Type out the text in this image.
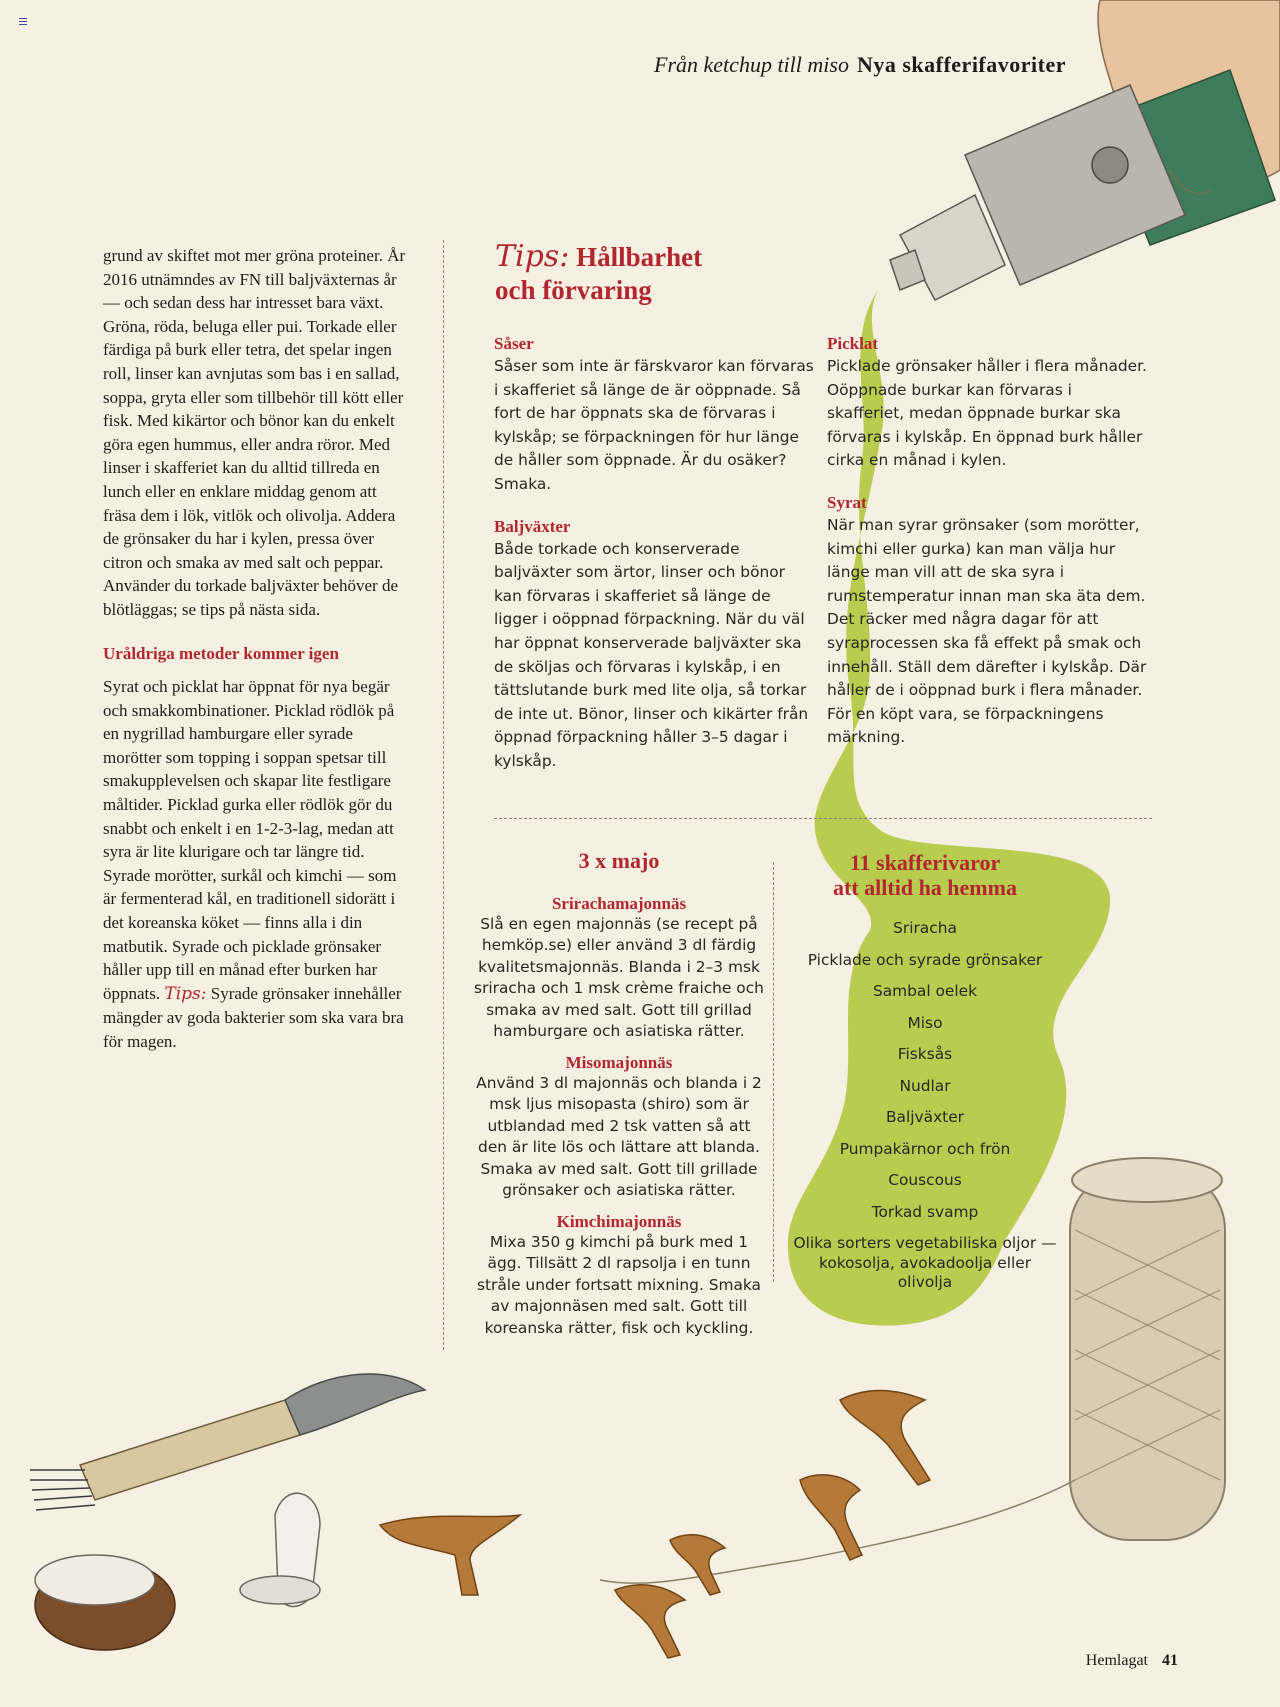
Från ketchup till miso Nya skafferifavoriter

grund av skiftet mot mer gröna proteiner. År 2016 utnämndes av FN till baljväxternas år — och sedan dess har intresset bara växt. Gröna, röda, beluga eller pui. Torkade eller färdiga på burk eller tetra, det spelar ingen roll, linser kan avnjutas som bas i en sallad, soppa, gryta eller som tillbehör till kött eller fisk. Med kikärtor och bönor kan du enkelt göra egen hummus, eller andra röror. Med linser i skafferiet kan du alltid tillreda en lunch eller en enklare middag genom att fräsa dem i lök, vitlök och olivolja. Addera de grönsaker du har i kylen, pressa över citron och smaka av med salt och peppar. Använder du torkade baljväxter behöver de blötläggas; se tips på nästa sida.

Uråldriga metoder kommer igen

Syrat och picklat har öppnat för nya begär och smakkombinationer. Picklad rödlök på en nygrillad hamburgare eller syrade morötter som topping i soppan spetsar till smakupplevelsen och skapar lite festligare måltider. Picklad gurka eller rödlök gör du snabbt och enkelt i en 1-2-3-lag, medan att syra är lite klurigare och tar längre tid. Syrade morötter, surkål och kimchi — som är fermenterad kål, en traditionell sidorätt i det koreanska köket — finns alla i din matbutik. Syrade och picklade grönsaker håller upp till en månad efter burken har öppnats. Tips: Syrade grönsaker innehåller mängder av goda bakterier som ska vara bra för magen.

Tips: Hållbarhet
och förvaring
Såser

Såser som inte är färskvaror kan förvaras i skafferiet så länge de är oöppnade. Så fort de har öppnats ska de förvaras i kylskåp; se förpackningen för hur länge de håller som öppnade. Är du osäker? Smaka.

Baljväxter

Både torkade och konserverade baljväxter som ärtor, linser och bönor kan förvaras i skafferiet så länge de ligger i oöppnad förpackning. När du väl har öppnat konserverade baljväxter ska de sköljas och förvaras i kylskåp, i en tättslutande burk med lite olja, så torkar de inte ut. Bönor, linser och kikärter från öppnad förpackning håller 3–5 dagar i kylskåp.

Picklat

Picklade grönsaker håller i flera månader. Oöppnade burkar kan förvaras i skafferiet, medan öppnade burkar ska förvaras i kylskåp. En öppnad burk håller cirka en månad i kylen.

Syrat

När man syrar grönsaker (som morötter, kimchi eller gurka) kan man välja hur länge man vill att de ska syra i rumstemperatur innan man ska äta dem. Det räcker med några dagar för att syraprocessen ska få effekt på smak och innehåll. Ställ dem därefter i kylskåp. Där håller de i oöppnad burk i flera månader. För en köpt vara, se förpackningens märkning.

3 x majo
Srirachamajonnäs

Slå en egen majonnäs (se recept på hemköp.se) eller använd 3 dl färdig kvalitetsmajonnäs. Blanda i 2–3 msk sriracha och 1 msk crème fraiche och smaka av med salt. Gott till grillad hamburgare och asiatiska rätter.

Misomajonnäs

Använd 3 dl majonnäs och blanda i 2 msk ljus misopasta (shiro) som är utblandad med 2 tsk vatten så att den är lite lös och lättare att blanda. Smaka av med salt. Gott till grillade grönsaker och asiatiska rätter.

Kimchimajonnäs

Mixa 350 g kimchi på burk med 1 ägg. Tillsätt 2 dl rapsolja i en tunn stråle under fortsatt mixning. Smaka av majonnäsen med salt. Gott till koreanska rätter, fisk och kyckling.

11 skafferivaror
att alltid ha hemma
Sriracha
Picklade och syrade grönsaker
Sambal oelek
Miso
Fisksås
Nudlar
Baljväxter
Pumpakärnor och frön
Couscous
Torkad svamp
Olika sorters vegetabiliska oljor — kokosolja, avokadoolja eller olivolja
Hemlagat 41
